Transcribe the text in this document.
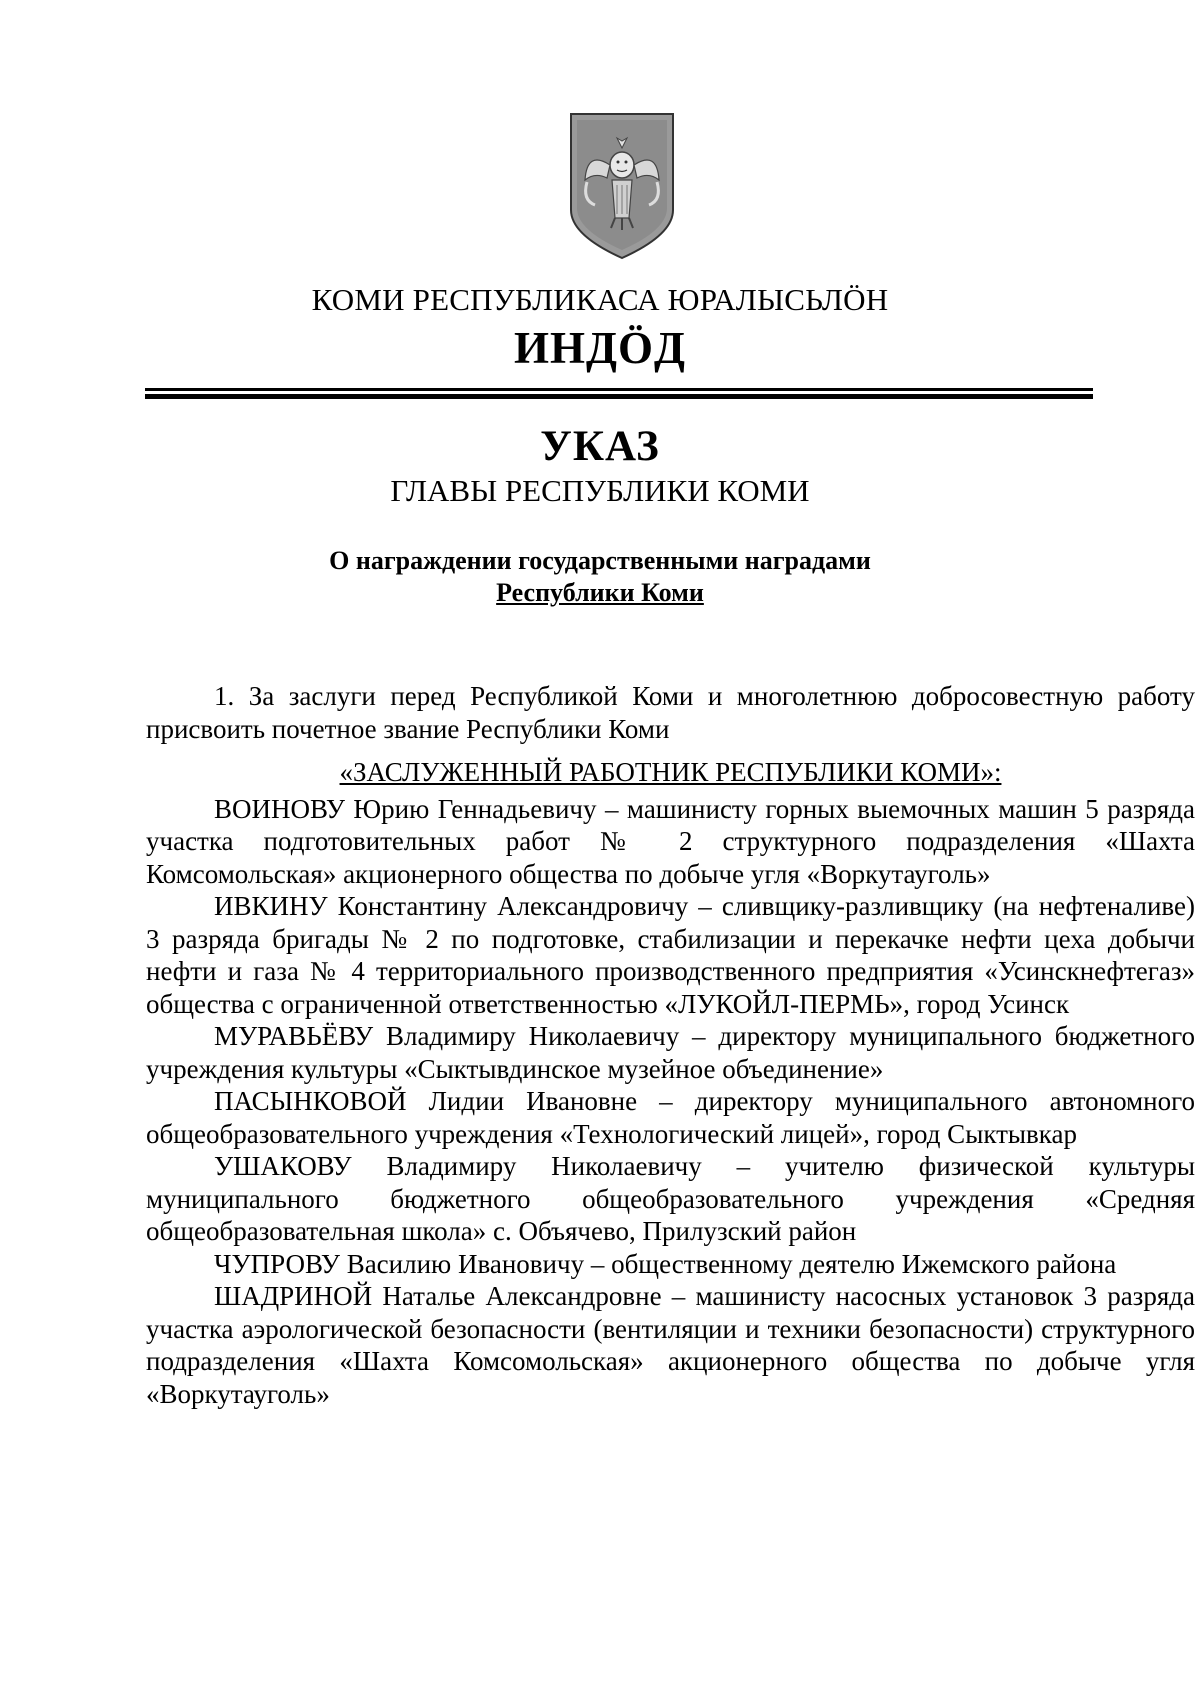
КОМИ РЕСПУБЛИКАСА ЮРАЛЫСЬЛӦН
ИНДӦД
УКАЗ
ГЛАВЫ РЕСПУБЛИКИ КОМИ
О награждении государственными наградами
Республики Коми

1. За заслуги перед Республикой Коми и многолетнюю добросовестную работу присвоить почетное звание Республики Коми

«ЗАСЛУЖЕННЫЙ РАБОТНИК РЕСПУБЛИКИ КОМИ»:

ВОИНОВУ Юрию Геннадьевичу – машинисту горных выемочных машин 5 разряда участка подготовительных работ № 2 структурного подразделения «Шахта Комсомольская» акционерного общества по добыче угля «Воркутауголь»

ИВКИНУ Константину Александровичу – сливщику-разливщику (на нефтеналиве) 3 разряда бригады № 2 по подготовке, стабилизации и перекачке нефти цеха добычи нефти и газа № 4 территориального производственного предприятия «Усинскнефтегаз» общества с ограниченной ответственностью «ЛУКОЙЛ-ПЕРМЬ», город Усинск

МУРАВЬЁВУ Владимиру Николаевичу – директору муниципального бюджетного учреждения культуры «Сыктывдинское музейное объединение»

ПАСЫНКОВОЙ Лидии Ивановне – директору муниципального автономного общеобразовательного учреждения «Технологический лицей», город Сыктывкар

УШАКОВУ Владимиру Николаевичу – учителю физической культуры муниципального бюджетного общеобразовательного учреждения «Средняя общеобразовательная школа» с. Объячево, Прилузский район

ЧУПРОВУ Василию Ивановичу – общественному деятелю Ижемского района

ШАДРИНОЙ Наталье Александровне – машинисту насосных установок 3 разряда участка аэрологической безопасности (вентиляции и техники безопасности) структурного подразделения «Шахта Комсомольская» акционерного общества по добыче угля «Воркутауголь»
